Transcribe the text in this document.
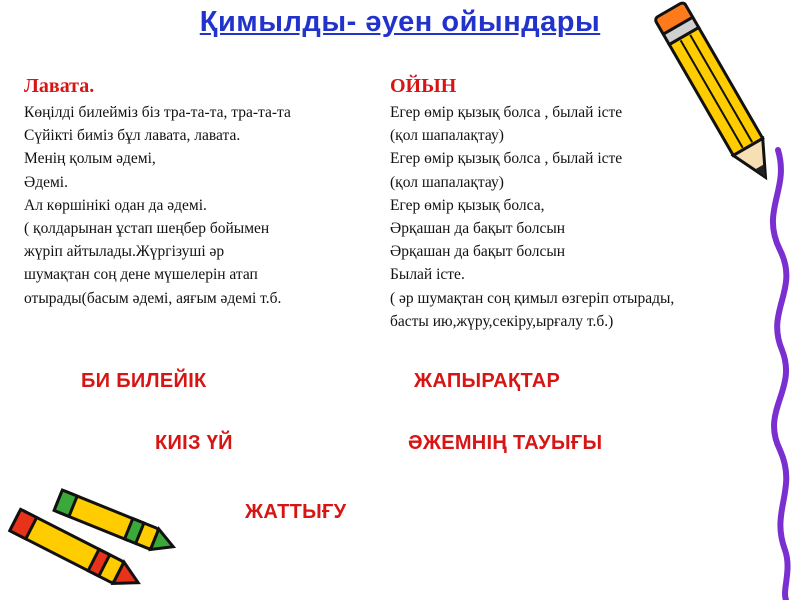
Қимылды- әуен ойындары
Лавата.
Көңілді билейміз біз тра-та-та, тра-та-та
Сүйікті биміз бұл лавата, лавата.
Менің қолым әдемі,
Әдемі.
Ал көршінікі одан да әдемі.
( қолдарынан ұстап шеңбер бойымен
жүріп айтылады.Жүргізуші әр
шумақтан соң дене мүшелерін атап
отырады(басым әдемі, аяғым әдемі т.б.
ОЙЫН
Егер өмір қызық болса , былай істе
(қол шапалақтау)
Егер өмір қызық болса , былай істе
(қол шапалақтау)
Егер өмір қызық болса,
Әрқашан да бақыт болсын
Әрқашан да бақыт болсын
Былай істе.
( әр шумақтан соң қимыл өзгеріп отырады,
басты ию,жүру,секіру,ырғалу т.б.)
БИ БИЛЕЙІК	ЖАПЫРАҚТАР
КИІЗ ҮЙ	ӘЖЕМНІҢ ТАУЫҒЫ
ЖАТТЫҒУ
